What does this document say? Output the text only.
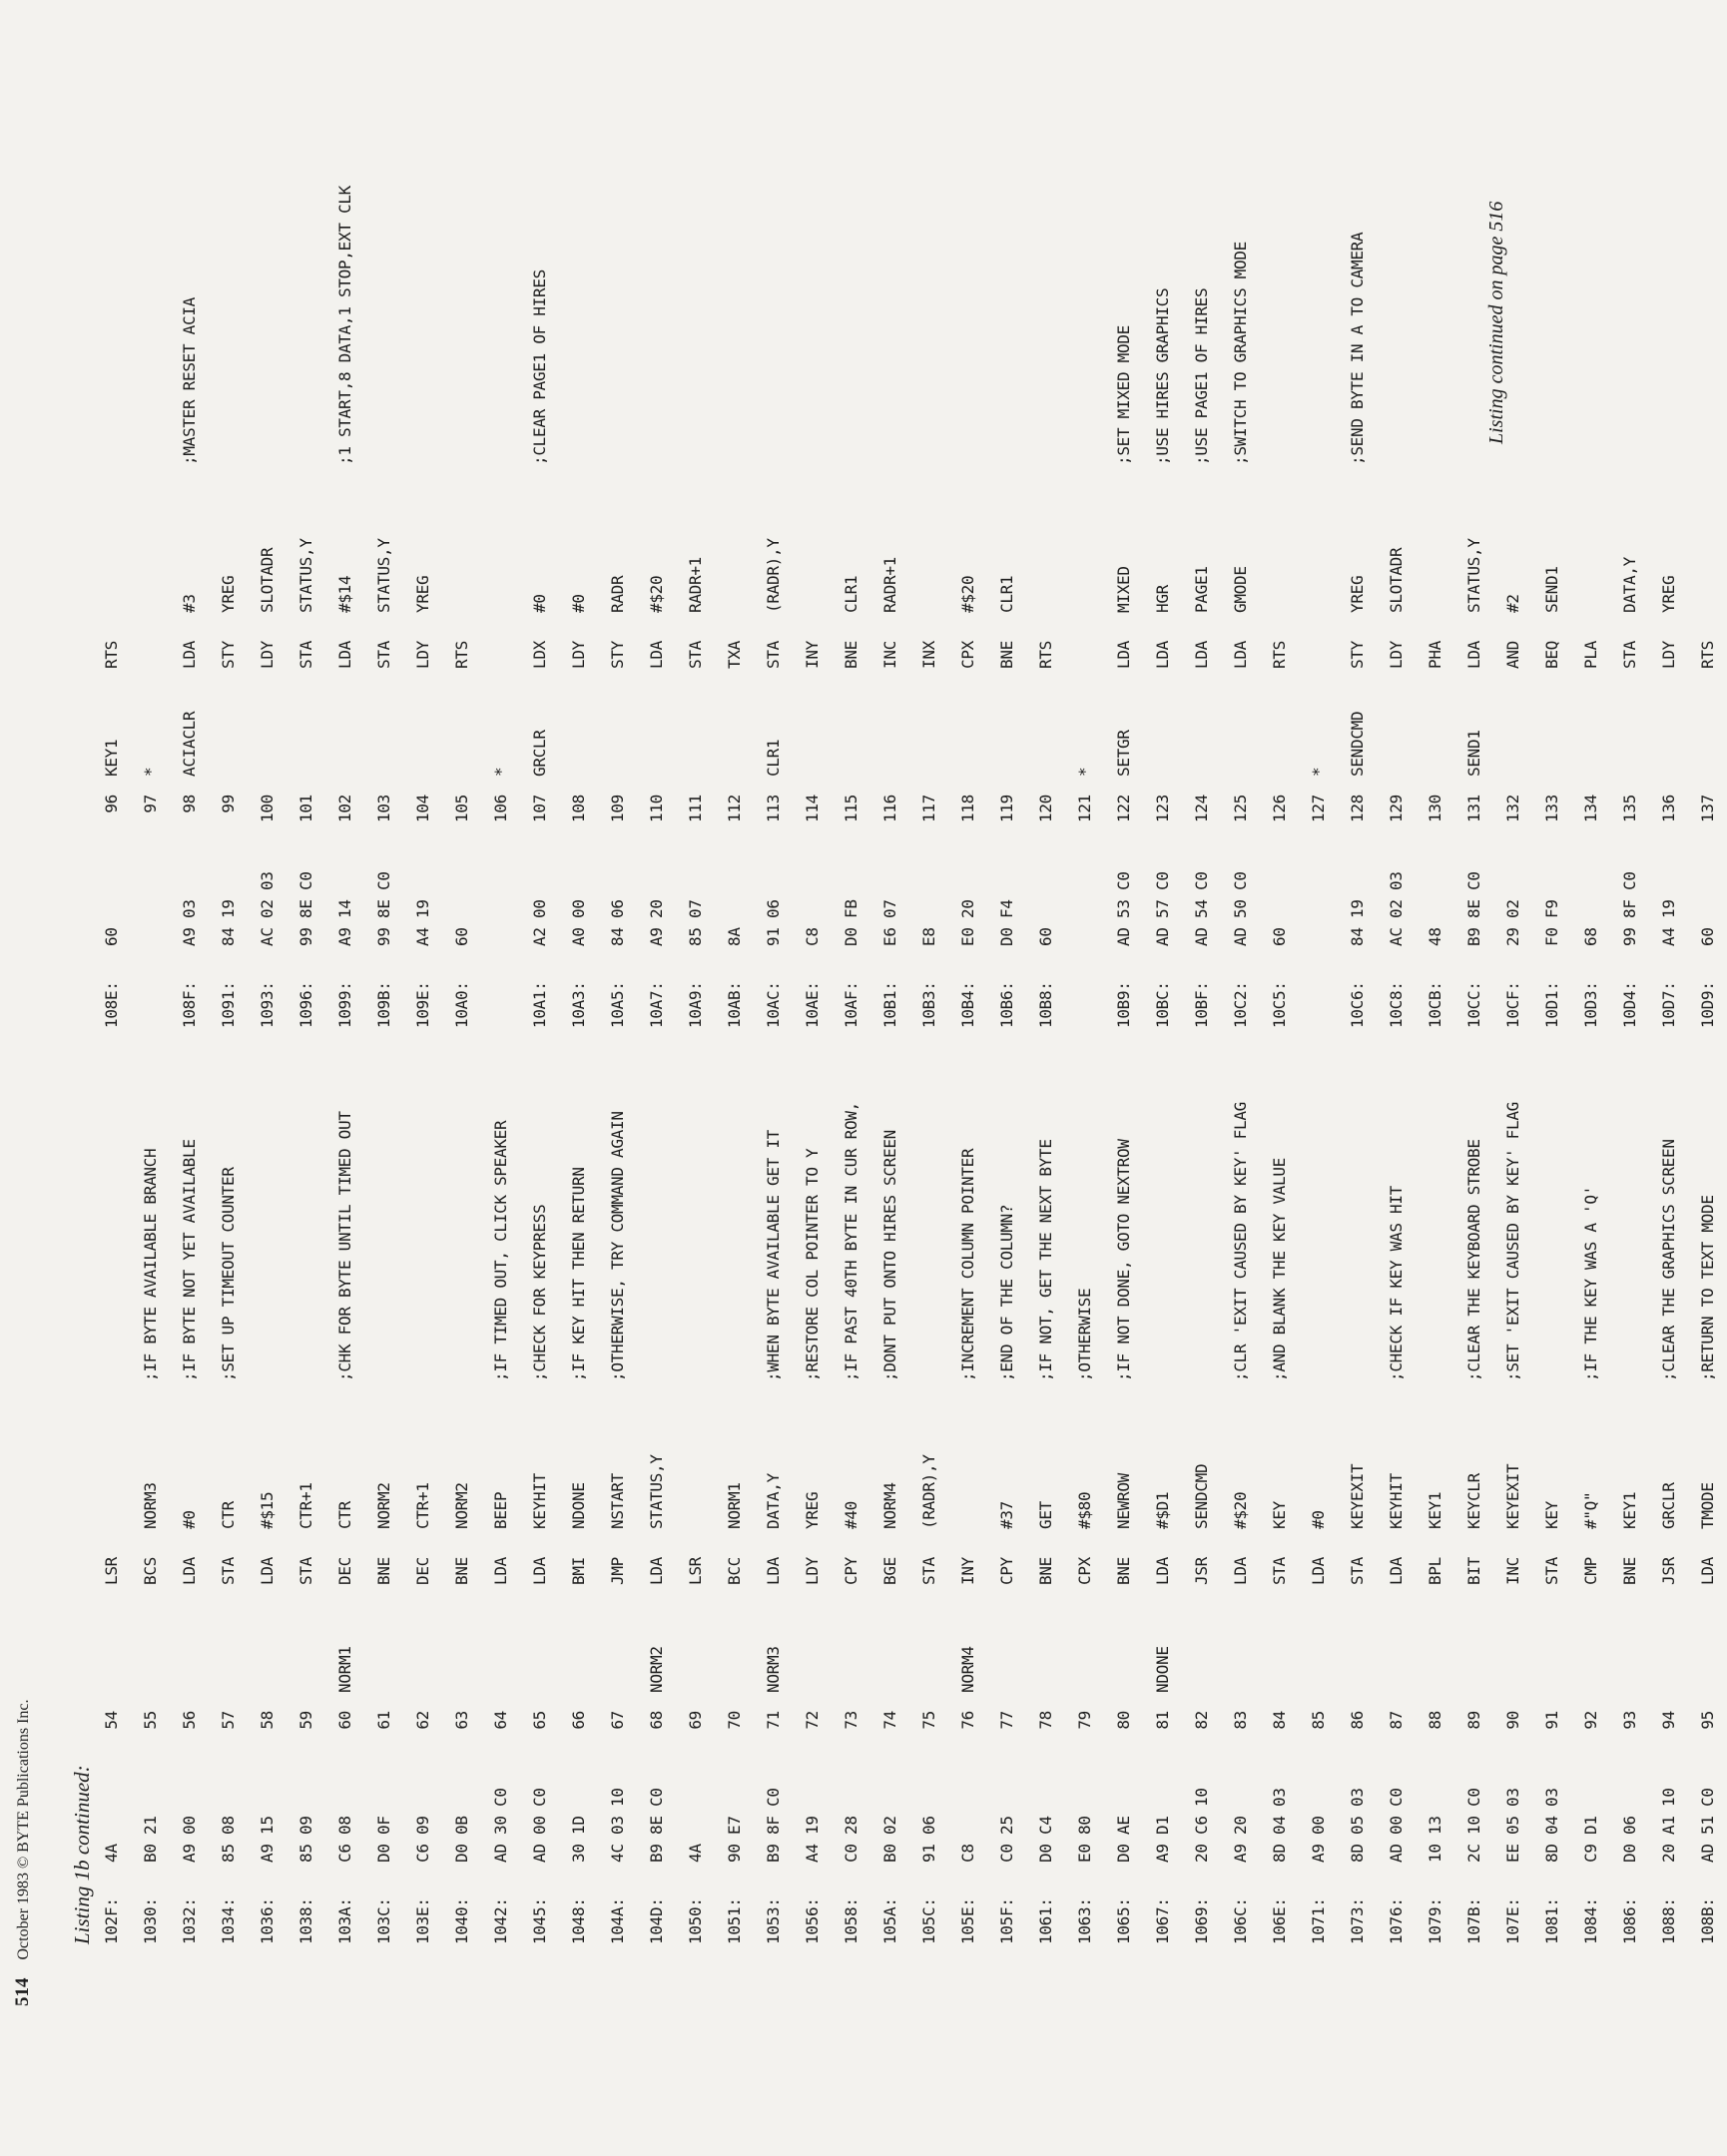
Listing 1b continued: 102F:
4A
54
LSR
1030:
B0 21
55
BCS
NORM3
;IF BYTE AVAILABLE BRANCH
1032:
A9 00
56
LDA
#0
;IF BYTE NOT YET AVAILABLE
1034:
85 08
57
STA
CTR
;SET UP TIMEOUT COUNTER
1036:
A9 15
58
LDA
#$15
1038:
85 09
59
STA
CTR+1
103A:
C6 08
60
NORM1
DEC
CTR
;CHK FOR BYTE UNTIL TIMED OUT
103C:
D0 0F
61
BNE
NORM2
103E:
C6 09
62
DEC
CTR+1
1040:
D0 0B
63
BNE
NORM2
1042:
AD 30 C0
64
LDA
BEEP
;IF TIMED OUT, CLICK SPEAKER
1045:
AD 00 C0
65
LDA
KEYHIT
;CHECK FOR KEYPRESS
1048:
30 1D
66
BMI
NDONE
;IF KEY HIT THEN RETURN
104A:
4C 03 10
67
JMP
NSTART
;OTHERWISE, TRY COMMAND AGAIN
104D:
B9 8E C0
68
NORM2
LDA
STATUS,Y
1050:
4A
69
LSR
1051:
90 E7
70
BCC
NORM1
1053:
B9 8F C0
71
NORM3
LDA
DATA,Y
;WHEN BYTE AVAILABLE GET IT
1056:
A4 19
72
LDY
YREG
;RESTORE COL POINTER TO Y
1058:
C0 28
73
CPY
#40
;IF PAST 40TH BYTE IN CUR ROW,
105A:
B0 02
74
BGE
NORM4
;DONT PUT ONTO HIRES SCREEN
105C:
91 06
75
STA
(RADR),Y
105E:
C8
76
NORM4
INY
;INCREMENT COLUMN POINTER
105F:
C0 25
77
CPY
#37
;END OF THE COLUMN?
1061:
D0 C4
78
BNE
GET
;IF NOT, GET THE NEXT BYTE
1063:
E0 80
79
CPX
#$80
;OTHERWISE
1065:
D0 AE
80
BNE
NEWROW
;IF NOT DONE, GOTO NEXTROW
1067:
A9 D1
81
NDONE
LDA
#$D1
1069:
20 C6 10
82
JSR
SENDCMD
106C:
A9 20
83
LDA
#$20
;CLR 'EXIT CAUSED BY KEY' FLAG
106E:
8D 04 03
84
STA
KEY
;AND BLANK THE KEY VALUE
1071:
A9 00
85
LDA
#0
1073:
8D 05 03
86
STA
KEYEXIT
1076:
AD 00 C0
87
LDA
KEYHIT
;CHECK IF KEY WAS HIT
1079:
10 13
88
BPL
KEY1
107B:
2C 10 C0
89
BIT
KEYCLR
;CLEAR THE KEYBOARD STROBE
107E:
EE 05 03
90
INC
KEYEXIT
;SET 'EXIT CAUSED BY KEY' FLAG
1081:
8D 04 03
91
STA
KEY
1084:
C9 D1
92
CMP
#"Q"
;IF THE KEY WAS A 'Q'
1086:
D0 06
93
BNE
KEY1
1088:
20 A1 10
94
JSR
GRCLR
;CLEAR THE GRAPHICS SCREEN
108B:
AD 51 C0
95
LDA
TMODE
;RETURN TO TEXT MODE
108E:
60
96
KEY1
RTS
97
*
108F:
A9 03
98
ACIACLR
LDA
#3
;MASTER RESET ACIA
1091:
84 19
99
STY
YREG
1093:
AC 02 03
100
LDY
SLOTADR
1096:
99 8E C0
101
STA
STATUS,Y
1099:
A9 14
102
LDA
#$14
;1 START,8 DATA,1 STOP,EXT CLK
109B:
99 8E C0
103
STA
STATUS,Y
109E:
A4 19
104
LDY
YREG
10A0:
60
105
RTS
106
*
10A1:
A2 00
107
GRCLR
LDX
#0
;CLEAR PAGE1 OF HIRES
10A3:
A0 00
108
LDY
#0
10A5:
84 06
109
STY
RADR
10A7:
A9 20
110
LDA
#$20
10A9:
85 07
111
STA
RADR+1
10AB:
8A
112
TXA
10AC:
91 06
113
CLR1
STA
(RADR),Y
10AE:
C8
114
INY
10AF:
D0 FB
115
BNE
CLR1
10B1:
E6 07
116
INC
RADR+1
10B3:
E8
117
INX
10B4:
E0 20
118
CPX
#$20
10B6:
D0 F4
119
BNE
CLR1
10B8:
60
120
RTS
121
*
10B9:
AD 53 C0
122
SETGR
LDA
MIXED
;SET MIXED MODE
10BC:
AD 57 C0
123
LDA
HGR
;USE HIRES GRAPHICS
10BF:
AD 54 C0
124
LDA
PAGE1
;USE PAGE1 OF HIRES
10C2:
AD 50 C0
125
LDA
GMODE
;SWITCH TO GRAPHICS MODE
10C5:
60
126
RTS
127
*
10C6:
84 19
128
SENDCMD
STY
YREG
;SEND BYTE IN A TO CAMERA
10C8:
AC 02 03
129
LDY
SLOTADR
10CB:
48
130
PHA
10CC:
B9 8E C0
131
SEND1
LDA
STATUS,Y
10CF:
29 02
132
AND
#2
10D1:
F0 F9
133
BEQ
SEND1
10D3:
68
134
PLA
10D4:
99 8F C0
135
STA
DATA,Y
10D7:
A4 19
136
LDY
YREG
10D9:
60
137
RTS
Listing continued on page 516
514October 1983 © BYTE Publications Inc.
